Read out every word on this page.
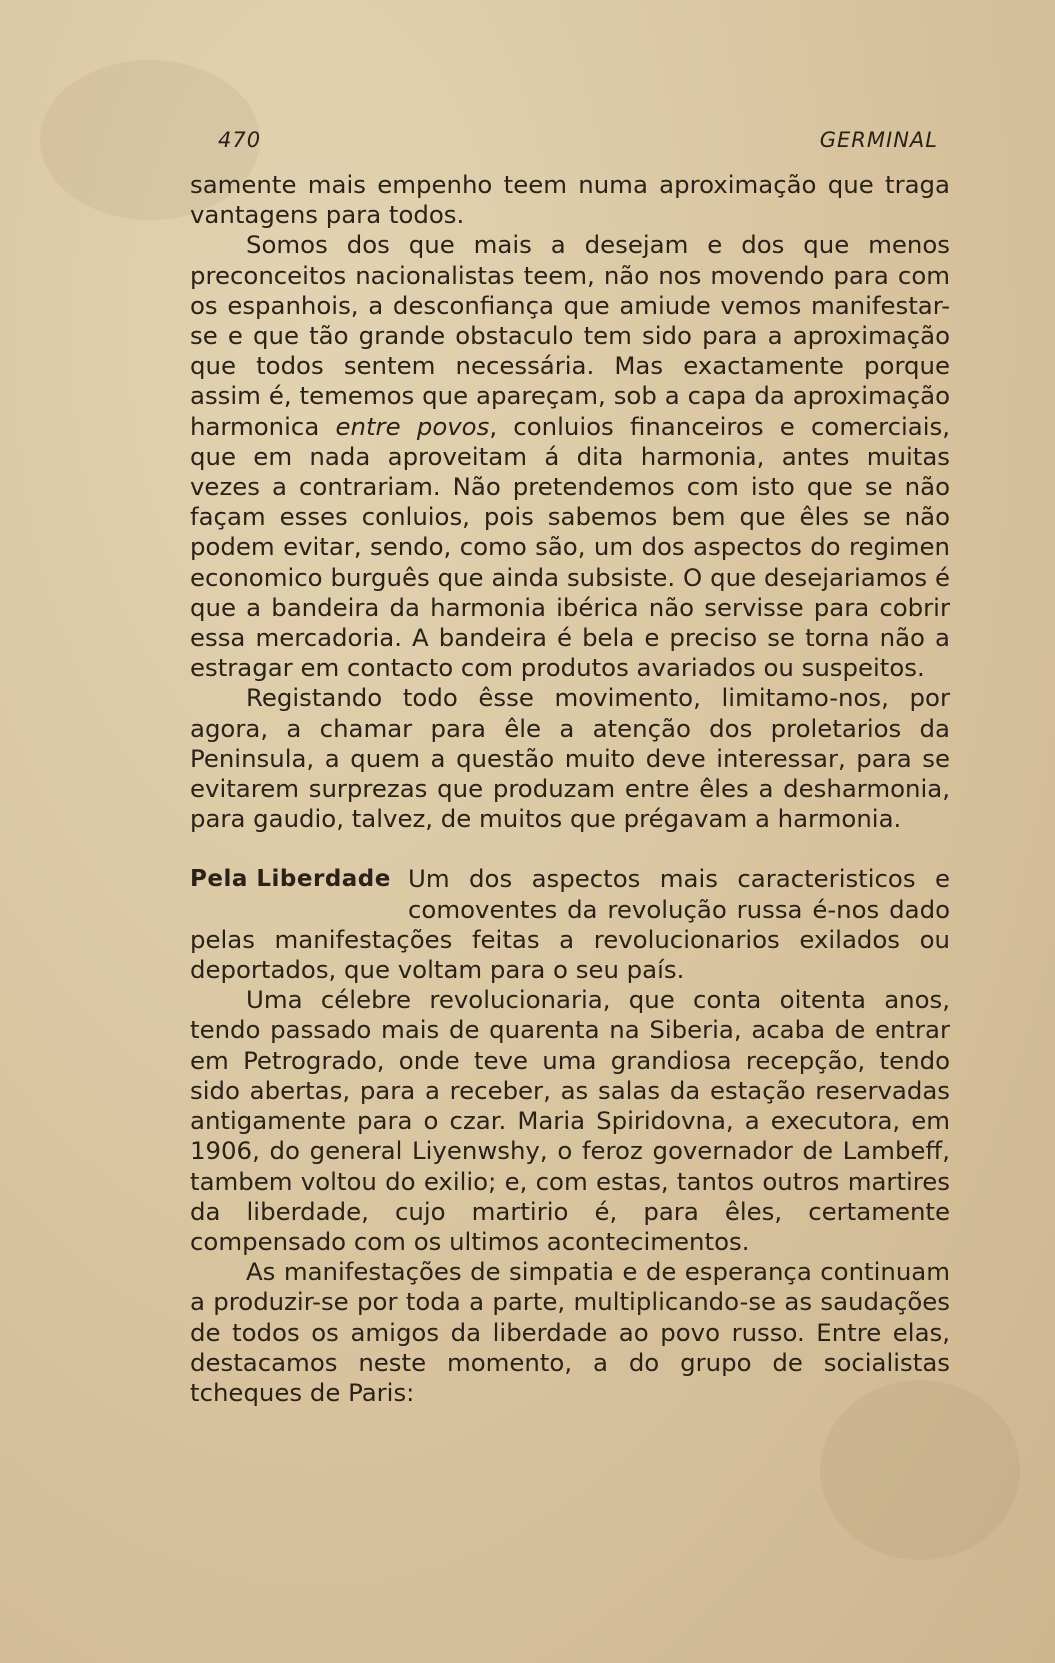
470	GERMINAL

samente mais empenho teem numa aproximação que traga vantagens para todos.

Somos dos que mais a desejam e dos que menos preconceitos nacionalistas teem, não nos movendo para com os espanhois, a desconfiança que amiude vemos manifestar-se e que tão grande obstaculo tem sido para a aproximação que todos sentem necessária. Mas exactamente porque assim é, tememos que apareçam, sob a capa da aproximação harmonica entre povos, conluios financeiros e comerciais, que em nada aproveitam á dita harmonia, antes muitas vezes a contrariam. Não pretendemos com isto que se não façam esses conluios, pois sabemos bem que êles se não podem evitar, sendo, como são, um dos aspectos do regimen economico burguês que ainda subsiste. O que desejariamos é que a bandeira da harmonia ibérica não servisse para cobrir essa mercadoria. A bandeira é bela e preciso se torna não a estragar em contacto com produtos avariados ou suspeitos.

Registando todo êsse movimento, limitamo-nos, por agora, a chamar para êle a atenção dos proletarios da Peninsula, a quem a questão muito deve interessar, para se evitarem surprezas que produzam entre êles a desharmonia, para gaudio, talvez, de muitos que prégavam a harmonia.

Pela Liberdade Um dos aspectos mais caracteristicos e comoventes da revolução russa é-nos dado pelas manifestações feitas a revolucionarios exilados ou deportados, que voltam para o seu país.

Uma célebre revolucionaria, que conta oitenta anos, tendo passado mais de quarenta na Siberia, acaba de entrar em Petrogrado, onde teve uma grandiosa recepção, tendo sido abertas, para a receber, as salas da estação reservadas antigamente para o czar. Maria Spiridovna, a executora, em 1906, do general Liyenwshy, o feroz governador de Lambeff, tambem voltou do exilio; e, com estas, tantos outros martires da liberdade, cujo martirio é, para êles, certamente compensado com os ultimos acontecimentos.

As manifestações de simpatia e de esperança continuam a produzir-se por toda a parte, multiplicando-se as saudações de todos os amigos da liberdade ao povo russo. Entre elas, destacamos neste momento, a do grupo de socialistas tcheques de Paris:
